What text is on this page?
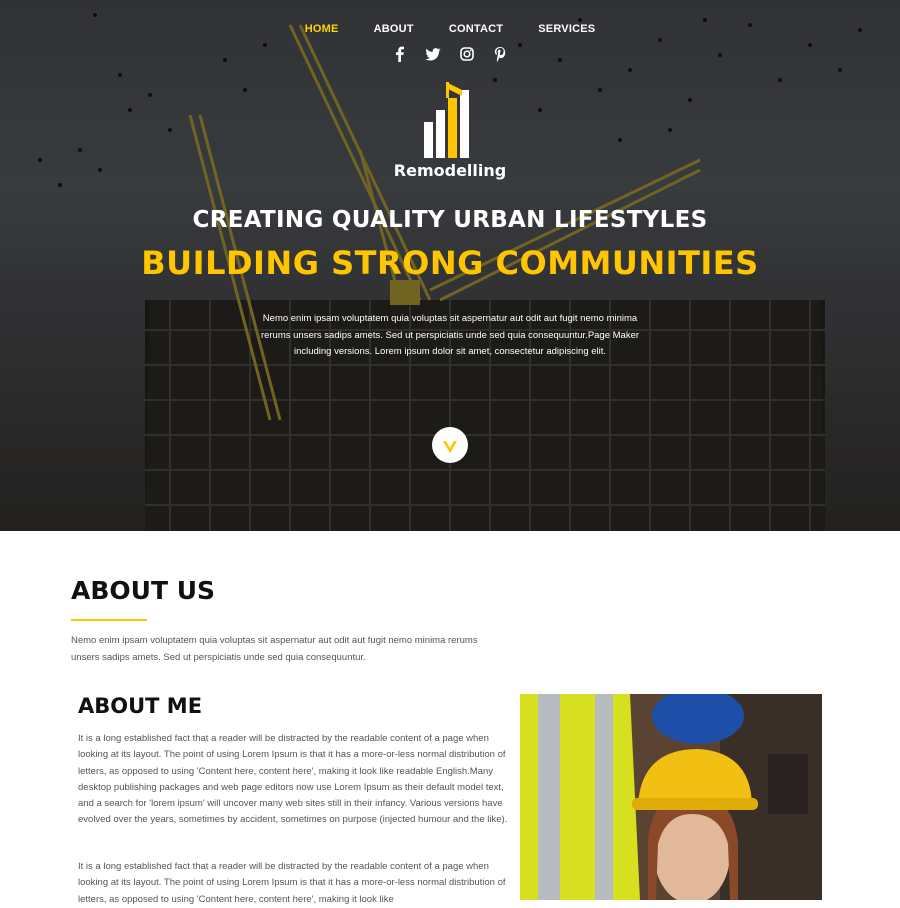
HOME	ABOUT	CONTACT	SERVICES

Remodelling
CREATING QUALITY URBAN LIFESTYLES
BUILDING STRONG COMMUNITIES
Nemo enim ipsam voluptatem quia voluptas sit aspernatur aut odit aut fugit nemo minima rerums unsers sadips amets. Sed ut perspiciatis unde sed quia consequuntur.Page Maker including versions. Lorem ipsum dolor sit amet, consectetur adipiscing elit.
ABOUT US
Nemo enim ipsam voluptatem quia voluptas sit aspernatur aut odit aut fugit nemo minima rerums unsers sadips amets. Sed ut perspiciatis unde sed quia consequuntur.
ABOUT ME
It is a long established fact that a reader will be distracted by the readable content of a page when looking at its layout. The point of using Lorem Ipsum is that it has a more-or-less normal distribution of letters, as opposed to using 'Content here, content here', making it look like readable English.Many desktop publishing packages and web page editors now use Lorem Ipsum as their default model text, and a search for 'lorem ipsum' will uncover many web sites still in their infancy. Various versions have evolved over the years, sometimes by accident, sometimes on purpose (injected humour and the like).
It is a long established fact that a reader will be distracted by the readable content of a page when looking at its layout. The point of using Lorem Ipsum is that it has a more-or-less normal distribution of letters, as opposed to using 'Content here, content here', making it look like
